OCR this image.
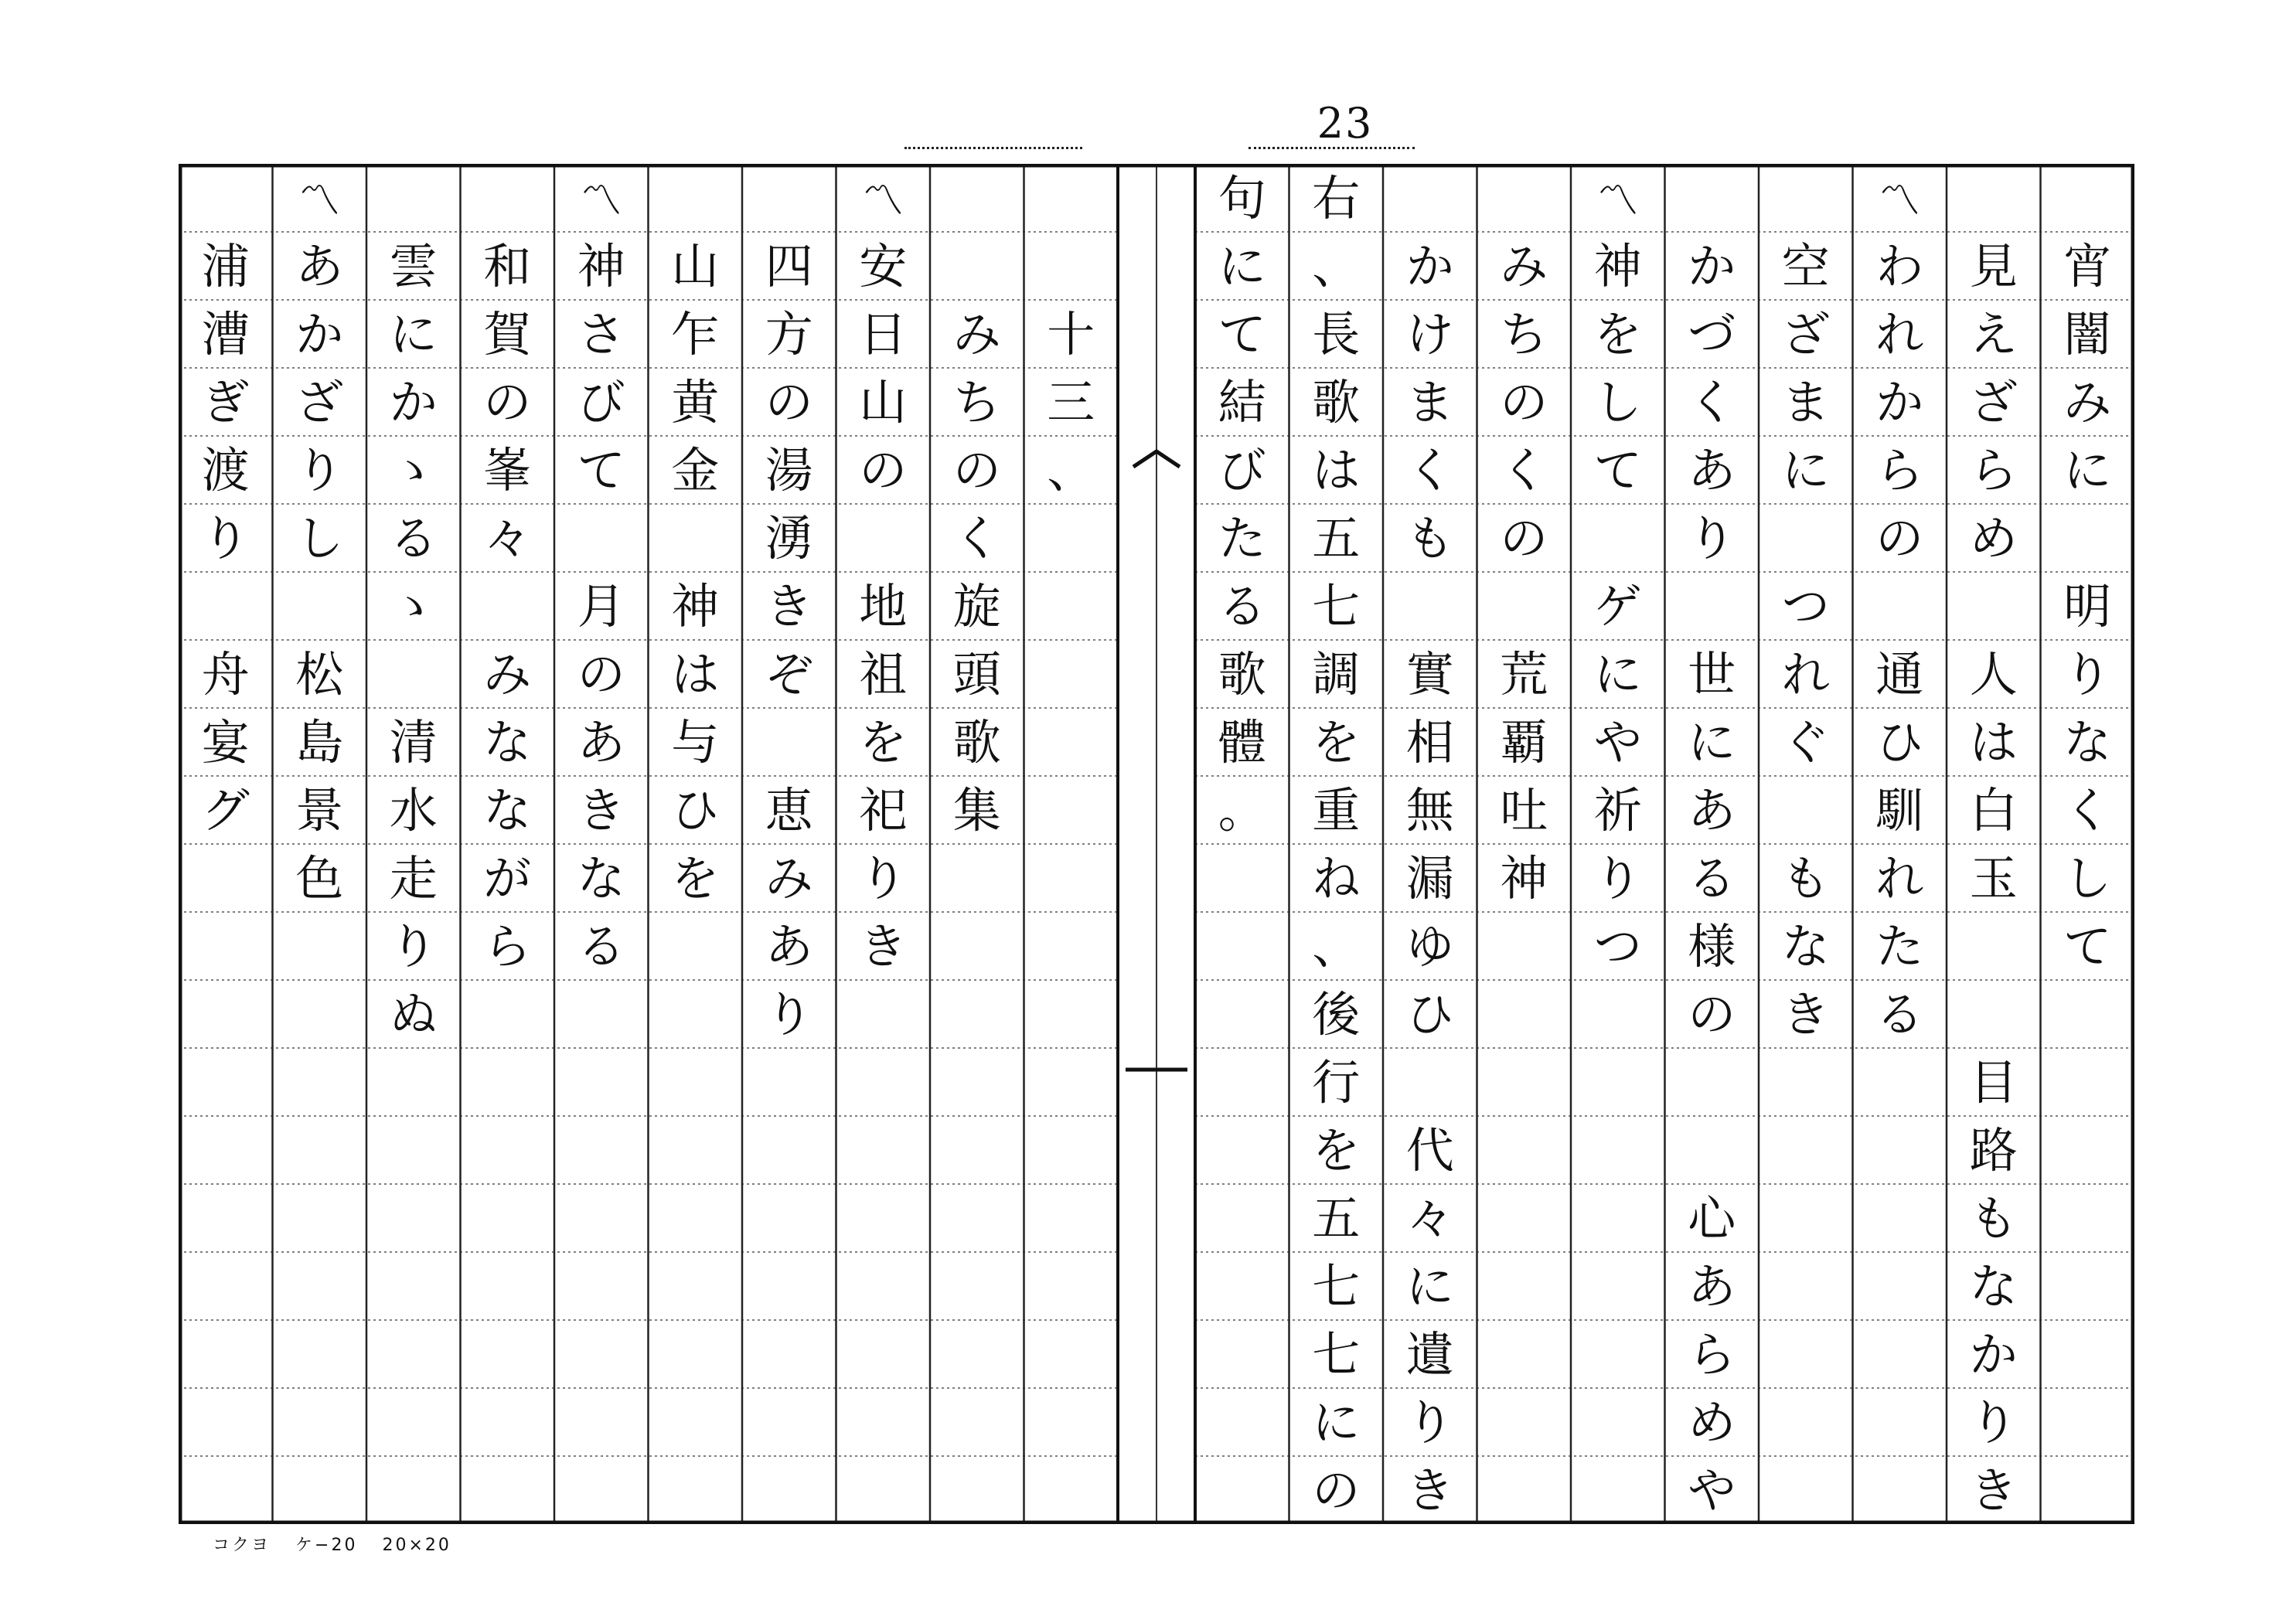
23
宵
闇
み
に
明
り
な
く
し
て
見
え
ざ
ら
め
人
は
白
玉
目
路
も
な
か
り
き
〽
わ
れ
か
ら
の
通
ひ
馴
れ
た
る
空
ざ
ま
に
つ
れ
ぐ
も
な
き
か
づ
く
あ
り
世
に
あ
る
様
の
心
あ
ら
め
や
〽
神
を
し
て
ゲ
に
や
祈
り
つ
み
ち
の
く
の
荒
覇
吐
神
か
け
ま
く
も
實
相
無
漏
ゆ
ひ
代
々
に
遺
り
き
右
、
長
歌
は
五
七
調
を
重
ね
、
後
行
を
五
七
七
に
の
句
に
て
結
び
た
る
歌
體
。
十
三
、
み
ち
の
く
旋
頭
歌
集
〽
安
日
山
の
地
祖
を
祀
り
き
四
方
の
湯
湧
き
ぞ
恵
み
あ
り
山
乍
黄
金
神
は
与
ひ
を
〽
神
さ
び
て
月
の
あ
き
な
る
和
賀
の
峯
々
み
な
な
が
ら
雲
に
か
ゝ
る
ゝ
清
水
走
り
ぬ
〽
あ
か
ざ
り
し
松
島
景
色
浦
漕
ぎ
渡
り
舟
宴
グ
コクヨ ケ−20 20×20
